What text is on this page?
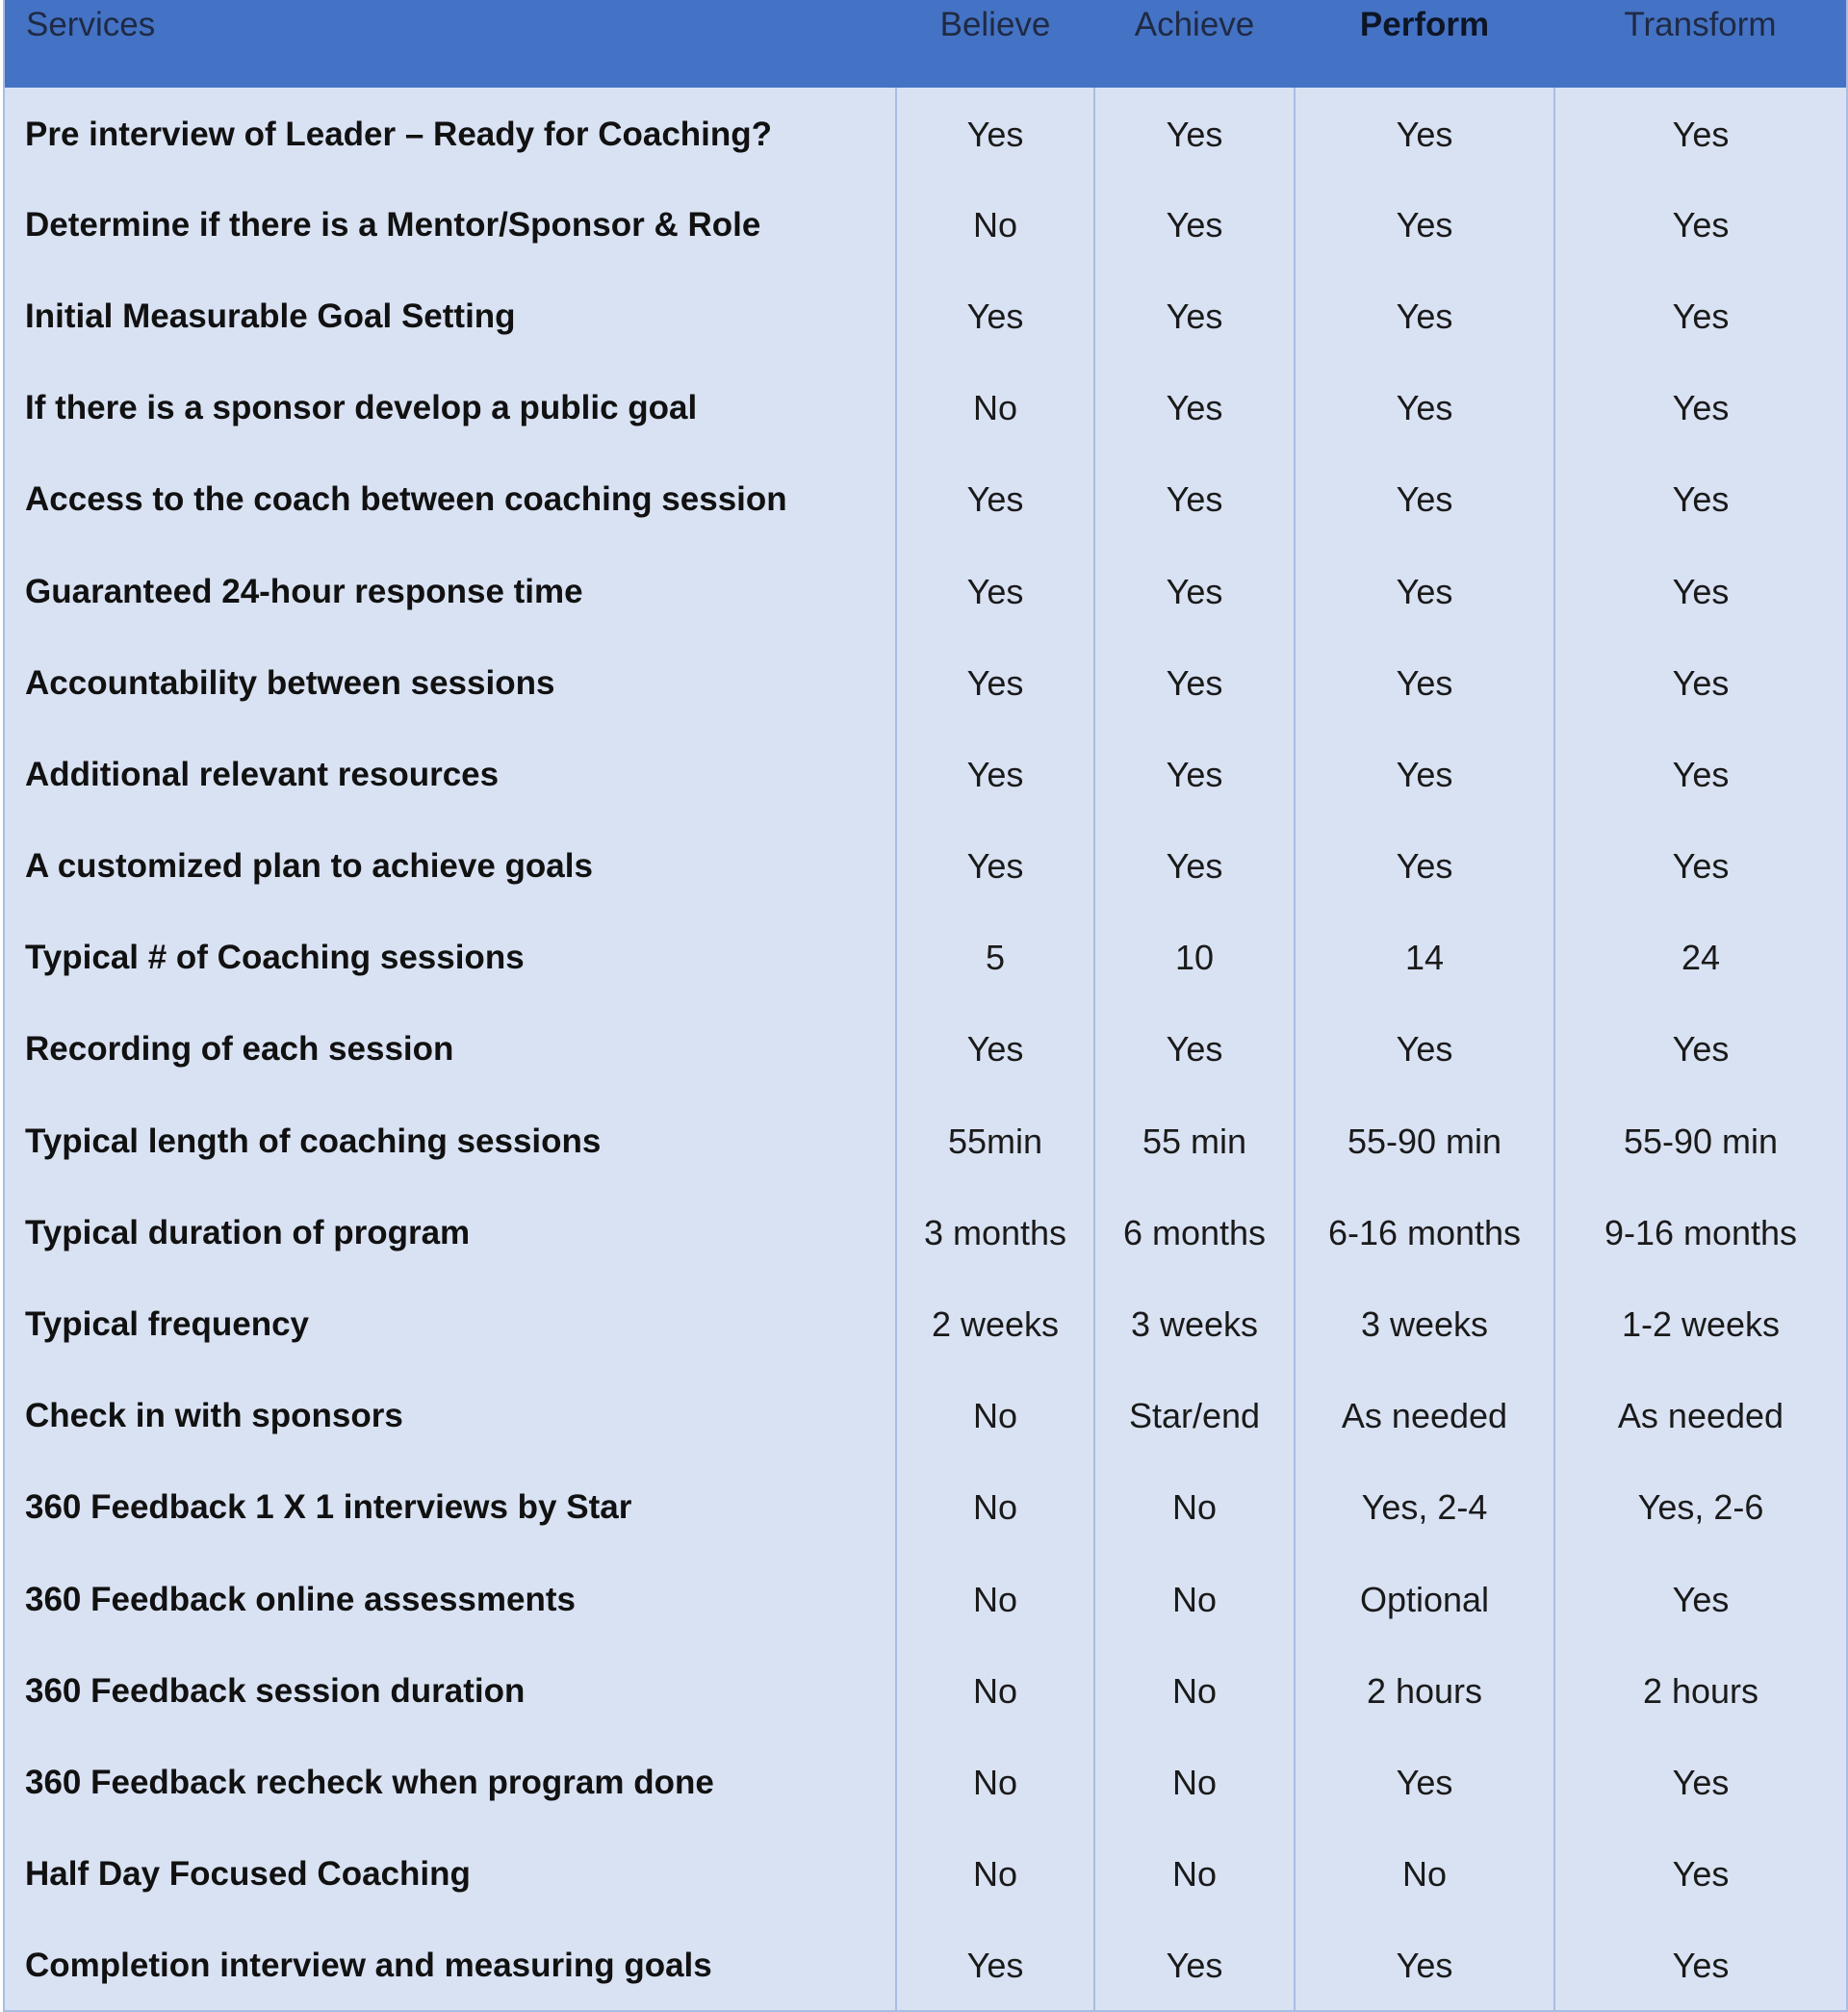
Services	Believe	Achieve	Perform	Transform
Pre interview of Leader – Ready for Coaching?	Yes	Yes	Yes	Yes
Determine if there is a Mentor/Sponsor & Role	No	Yes	Yes	Yes
Initial Measurable Goal Setting	Yes	Yes	Yes	Yes
If there is a sponsor develop a public goal	No	Yes	Yes	Yes
Access to the coach between coaching session	Yes	Yes	Yes	Yes
Guaranteed 24-hour response time	Yes	Yes	Yes	Yes
Accountability between sessions	Yes	Yes	Yes	Yes
Additional relevant resources	Yes	Yes	Yes	Yes
A customized plan to achieve goals	Yes	Yes	Yes	Yes
Typical # of Coaching sessions	5	10	14	24
Recording of each session	Yes	Yes	Yes	Yes
Typical length of coaching sessions	55min	55 min	55-90 min	55-90 min
Typical duration of program	3 months	6 months	6-16 months	9-16 months
Typical frequency	2 weeks	3 weeks	3 weeks	1-2 weeks
Check in with sponsors	No	Star/end	As needed	As needed
360 Feedback 1 X 1 interviews by Star	No	No	Yes, 2-4	Yes, 2-6
360 Feedback online assessments	No	No	Optional	Yes
360 Feedback session duration	No	No	2 hours	2 hours
360 Feedback recheck when program done	No	No	Yes	Yes
Half Day Focused Coaching	No	No	No	Yes
Completion interview and measuring goals	Yes	Yes	Yes	Yes
